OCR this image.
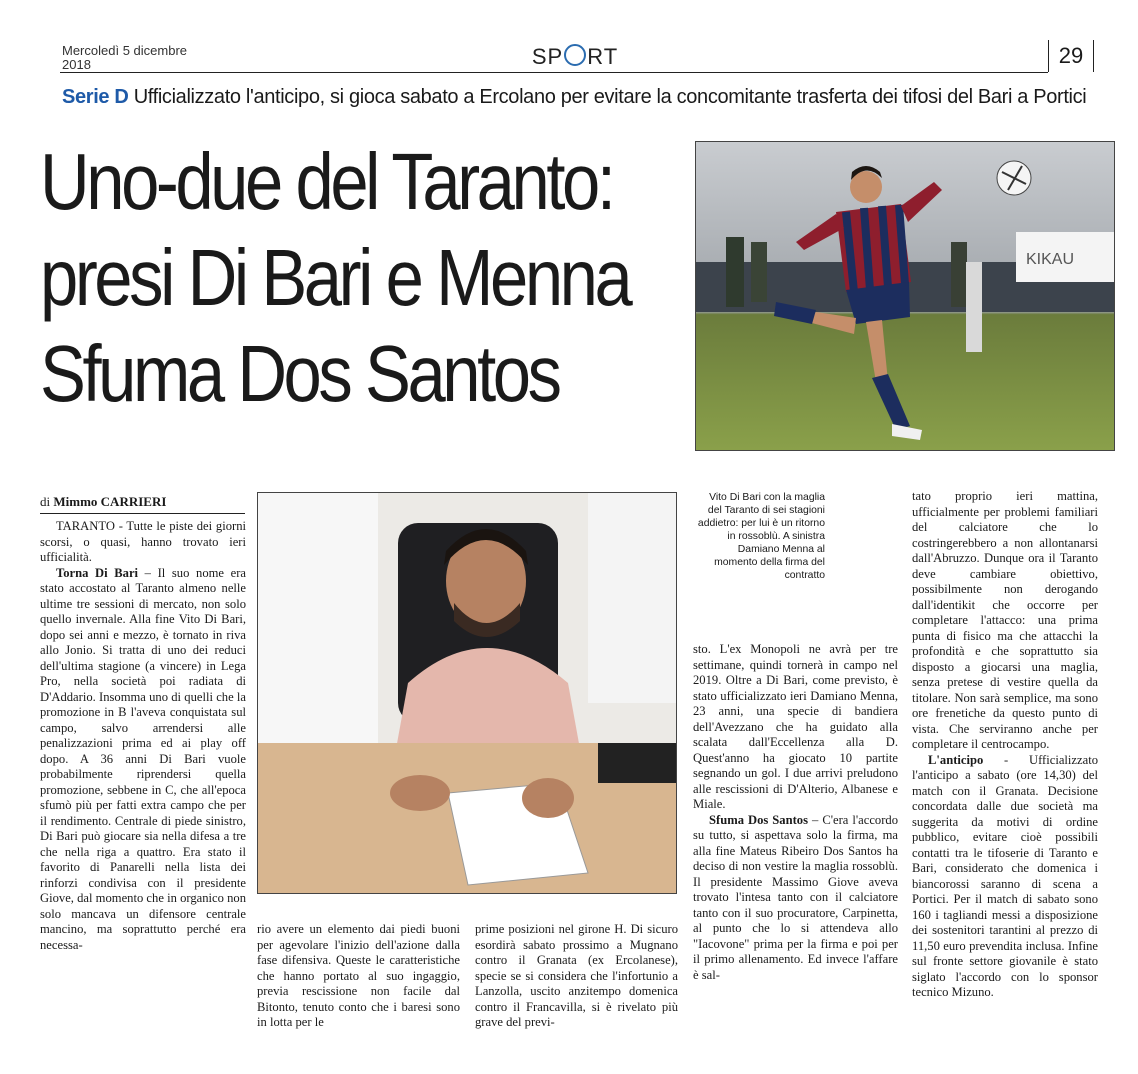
Mercoledì 5 dicembre
2018	SP RT	29
Serie D Ufficializzato l'anticipo, si gioca sabato a Ercolano per evitare la concomitante trasferta dei tifosi del Bari a Portici
Uno-due del Taranto:
presi Di Bari e Menna
Sfuma Dos Santos
KIKAU
di Mimmo CARRIERI

TARANTO - Tutte le piste dei giorni scorsi, o quasi, hanno trovato ieri ufficialità.

Torna Di Bari – Il suo nome era stato accostato al Taranto almeno nelle ultime tre sessioni di mercato, non solo quello invernale. Alla fine Vito Di Bari, dopo sei anni e mezzo, è tornato in riva allo Jonio. Si tratta di uno dei reduci dell'ultima stagione (a vincere) in Lega Pro, nella società poi radiata di D'Addario. Insomma uno di quelli che la promozione in B l'aveva conquistata sul campo, salvo arrendersi alle penalizzazioni prima ed ai play off dopo. A 36 anni Di Bari vuole probabilmente riprendersi quella promozione, sebbene in C, che all'epoca sfumò più per fatti extra campo che per il rendimento. Centrale di piede sinistro, Di Bari può giocare sia nella difesa a tre che nella riga a quattro. Era stato il favorito di Panarelli nella lista dei rinforzi condivisa con il presidente Giove, dal momento che in organico non solo mancava un difensore centrale mancino, ma soprattutto perché era necessa-

rio avere un elemento dai piedi buoni per agevolare l'inizio dell'azione dalla fase difensiva. Queste le caratteristiche che hanno portato al suo ingaggio, previa rescissione non facile dal Bitonto, tenuto conto che i baresi sono in lotta per le

prime posizioni nel girone H. Di sicuro esordirà sabato prossimo a Mugnano contro il Granata (ex Ercolanese), specie se si considera che l'infortunio a Lanzolla, uscito anzitempo domenica contro il Francavilla, si è rivelato più grave del previ-

Vito Di Bari con la maglia del Taranto di sei stagioni addietro: per lui è un ritorno in rossoblù. A sinistra Damiano Menna al momento della firma del contratto

sto. L'ex Monopoli ne avrà per tre settimane, quindi tornerà in campo nel 2019. Oltre a Di Bari, come previsto, è stato ufficializzato ieri Damiano Menna, 23 anni, una specie di bandiera dell'Avezzano che ha guidato alla scalata dall'Eccellenza alla D. Quest'anno ha giocato 10 partite segnando un gol. I due arrivi preludono alle rescissioni di D'Alterio, Albanese e Miale.

Sfuma Dos Santos – C'era l'accordo su tutto, si aspettava solo la firma, ma alla fine Mateus Ribeiro Dos Santos ha deciso di non vestire la maglia rossoblù. Il presidente Massimo Giove aveva trovato l'intesa tanto con il calciatore tanto con il suo procuratore, Carpinetta, al punto che lo si attendeva allo "Iacovone" prima per la firma e poi per il primo allenamento. Ed invece l'affare è sal-

tato proprio ieri mattina, ufficialmente per problemi familiari del calciatore che lo costringerebbero a non allontanarsi dall'Abruzzo. Dunque ora il Taranto deve cambiare obiettivo, possibilmente non derogando dall'identikit che occorre per completare l'attacco: una prima punta di fisico ma che attacchi la profondità e che soprattutto sia disposto a giocarsi una maglia, senza pretese di vestire quella da titolare. Non sarà semplice, ma sono ore frenetiche da questo punto di vista. Che serviranno anche per completare il centrocampo.

L'anticipo - Ufficializzato l'anticipo a sabato (ore 14,30) del match con il Granata. Decisione concordata dalle due società ma suggerita da motivi di ordine pubblico, evitare cioè possibili contatti tra le tifoserie di Taranto e Bari, considerato che domenica i biancorossi saranno di scena a Portici. Per il match di sabato sono 160 i tagliandi messi a disposizione dei sostenitori tarantini al prezzo di 11,50 euro prevendita inclusa. Infine sul fronte settore giovanile è stato siglato l'accordo con lo sponsor tecnico Mizuno.
